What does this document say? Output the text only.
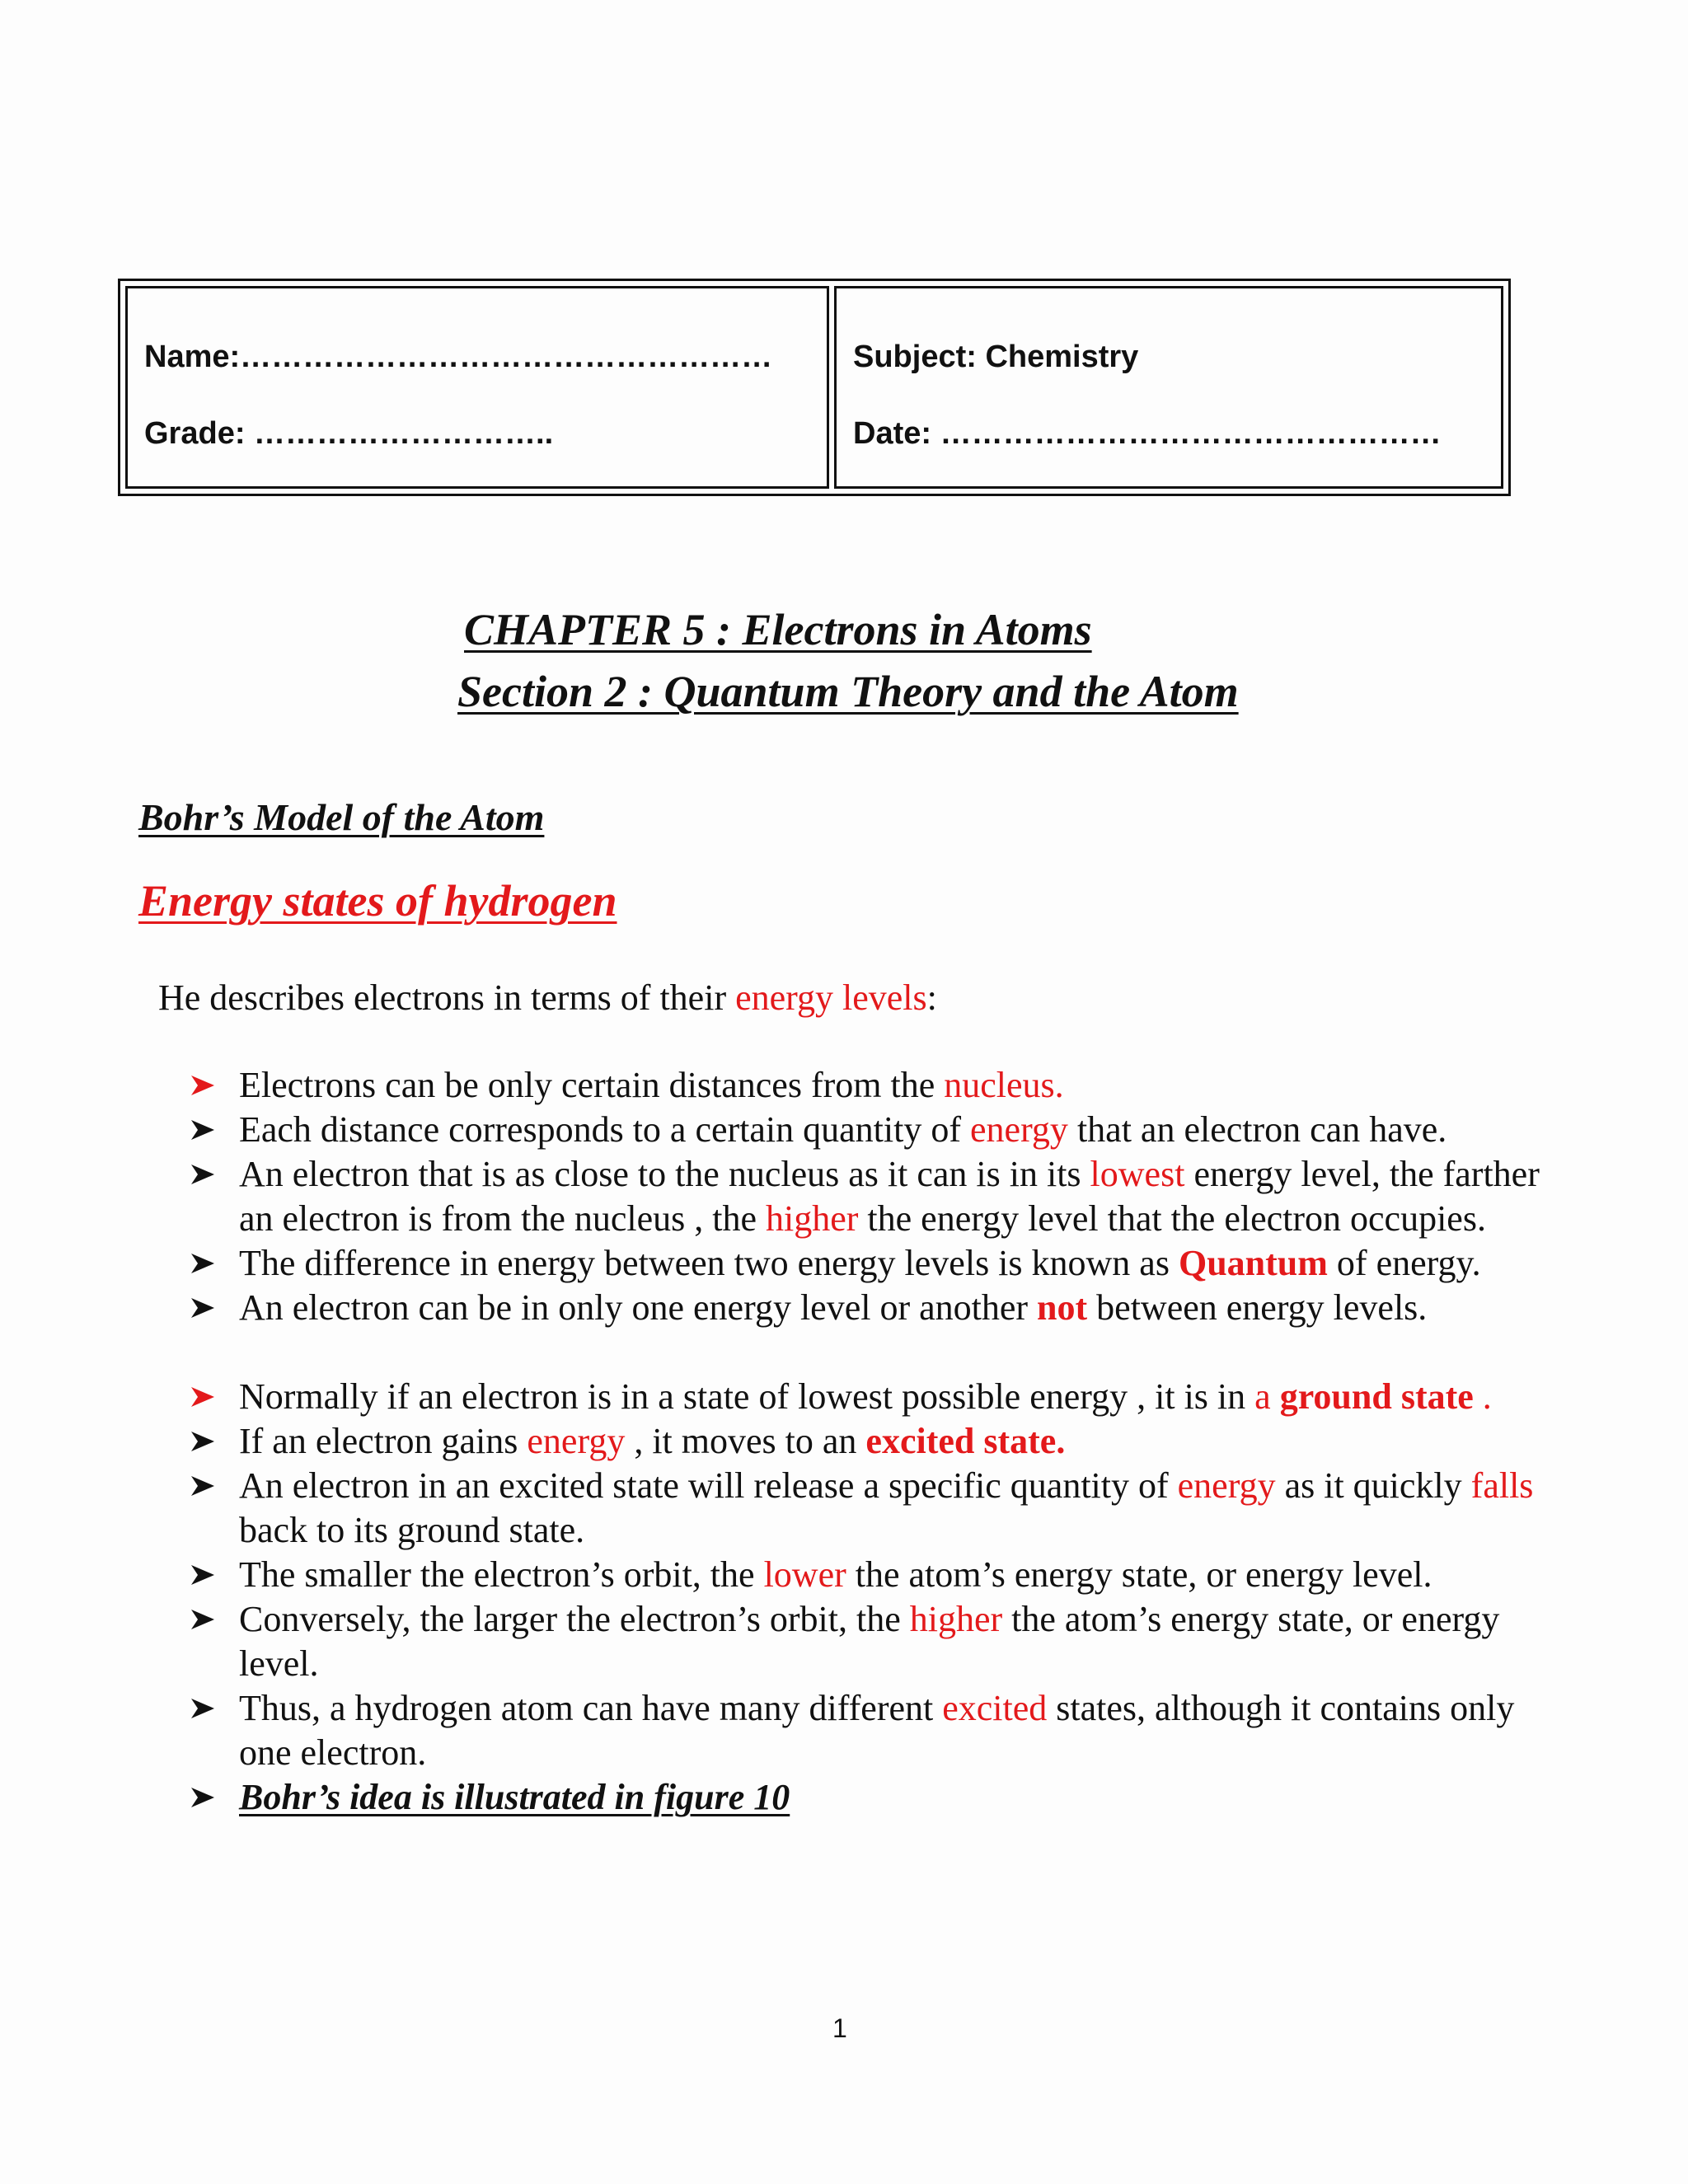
Name:……………………………………………
Grade: ………………………..
Subject: Chemistry
Date: …………………………………………
CHAPTER 5 : Electrons in Atoms
Section 2 : Quantum Theory and the Atom
Bohr’s Model of the Atom
Energy states of hydrogen
He describes electrons in terms of their energy levels:
Electrons can be only certain distances from the nucleus.
Each distance corresponds to a certain quantity of energy that an electron can have.
An electron that is as close to the nucleus as it can is in its lowest energy level, the farther an electron is from the nucleus , the higher the energy level that the electron occupies.
The difference in energy between two energy levels is known as Quantum of energy.
An electron can be in only one energy level or another not between energy levels.
Normally if an electron is in a state of lowest possible energy , it is in a ground state .
If an electron gains energy , it moves to an excited state.
An electron in an excited state will release a specific quantity of energy as it quickly falls back to its ground state.
The smaller the electron’s orbit, the lower the atom’s energy state, or energy level.
Conversely, the larger the electron’s orbit, the higher the atom’s energy state, or energy level.
Thus, a hydrogen atom can have many different excited states, although it contains only one electron.
Bohr’s idea is illustrated in figure 10
1
